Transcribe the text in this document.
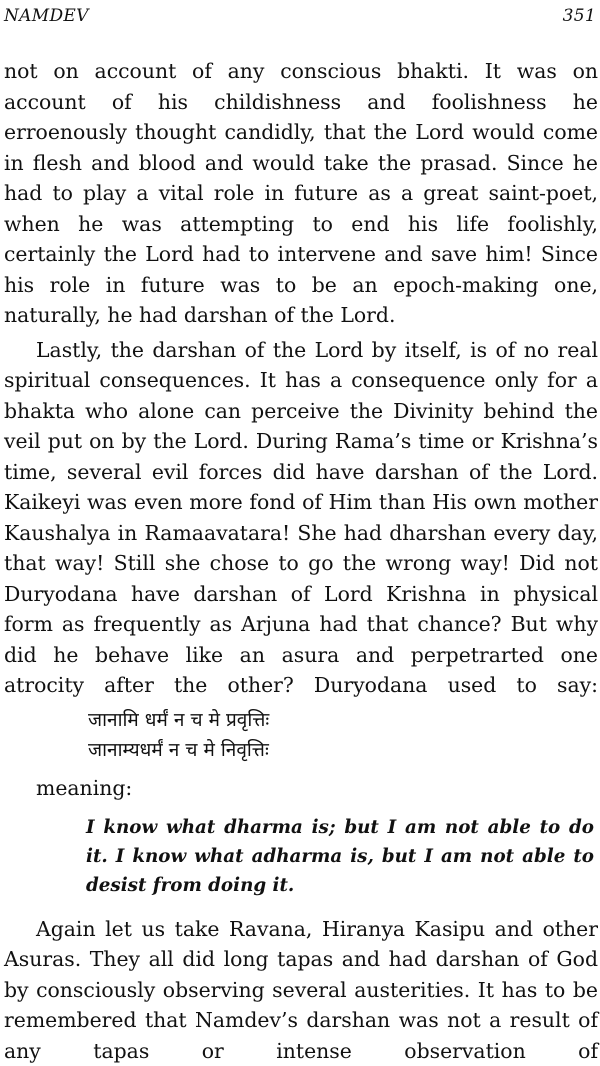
NAMDEV	351

not on account of any conscious bhakti. It was on account of his childishness and foolishness he erroenously thought candidly, that the Lord would come in flesh and blood and would take the prasad. Since he had to play a vital role in future as a great saint-poet, when he was attempting to end his life foolishly, certainly the Lord had to intervene and save him! Since his role in future was to be an epoch-making one, naturally, he had darshan of the Lord.

Lastly, the darshan of the Lord by itself, is of no real spiritual consequences. It has a consequence only for a bhakta who alone can perceive the Divinity behind the veil put on by the Lord. During Rama’s time or Krishna’s time, several evil forces did have darshan of the Lord. Kaikeyi was even more fond of Him than His own mother Kaushalya in Ramaavatara! She had dharshan every day, that way! Still she chose to go the wrong way! Did not Duryodana have darshan of Lord Krishna in physical form as frequently as Arjuna had that chance? But why did he behave like an asura and perpetrarted one atrocity after the other? Duryodana used to say:

जानामि धर्मं न च मे प्रवृत्तिः
जानाम्यधर्मं न च मे निवृत्तिः
meaning:
I know what dharma is; but I am not able to do it. I know what adharma is, but I am not able to desist from doing it.

Again let us take Ravana, Hiranya Kasipu and other Asuras. They all did long tapas and had darshan of God by consciously observing several austerities. It has to be remembered that Namdev’s darshan was not a result of any tapas or intense observation of
